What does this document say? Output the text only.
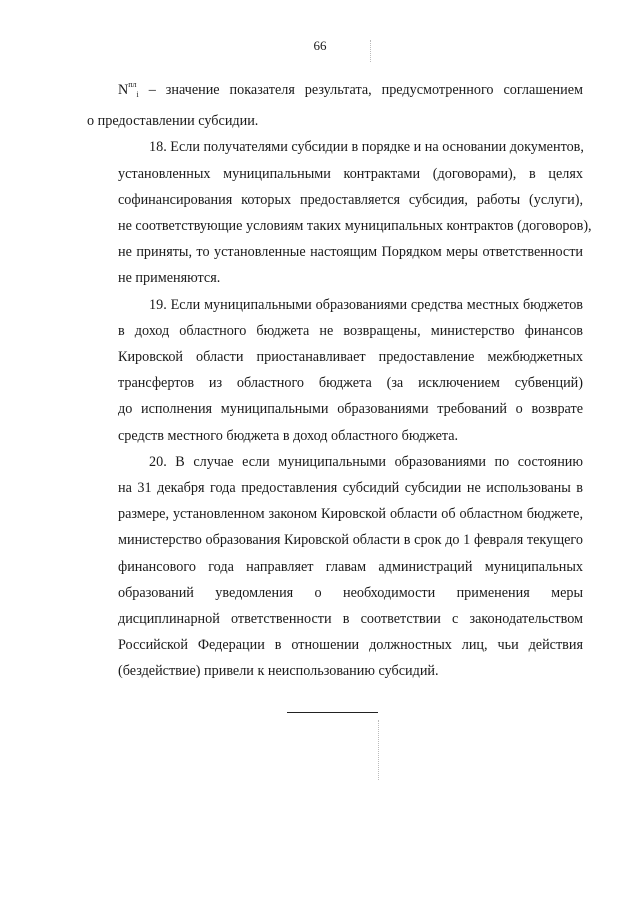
66
$N^{пл}_i$ – значение показателя результата, предусмотренного соглашением
о предоставлении субсидии.
18. Если получателями субсидии в порядке и на основании документов,
установленных муниципальными контрактами (договорами), в целях
софинансирования которых предоставляется субсидия, работы (услуги),
не соответствующие условиям таких муниципальных контрактов (договоров),
не приняты, то установленные настоящим Порядком меры ответственности
не применяются.
19. Если муниципальными образованиями средства местных бюджетов
в доход областного бюджета не возвращены, министерство финансов
Кировской области приостанавливает предоставление межбюджетных
трансфертов из областного бюджета (за исключением субвенций)
до исполнения муниципальными образованиями требований о возврате
средств местного бюджета в доход областного бюджета.
20. В случае если муниципальными образованиями по состоянию
на 31 декабря года предоставления субсидий субсидии не использованы в
размере, установленном законом Кировской области об областном бюджете,
министерство образования Кировской области в срок до 1 февраля текущего
финансового года направляет главам администраций муниципальных
образований уведомления о необходимости применения меры
дисциплинарной ответственности в соответствии с законодательством
Российской Федерации в отношении должностных лиц, чьи действия
(бездействие) привели к неиспользованию субсидий.
